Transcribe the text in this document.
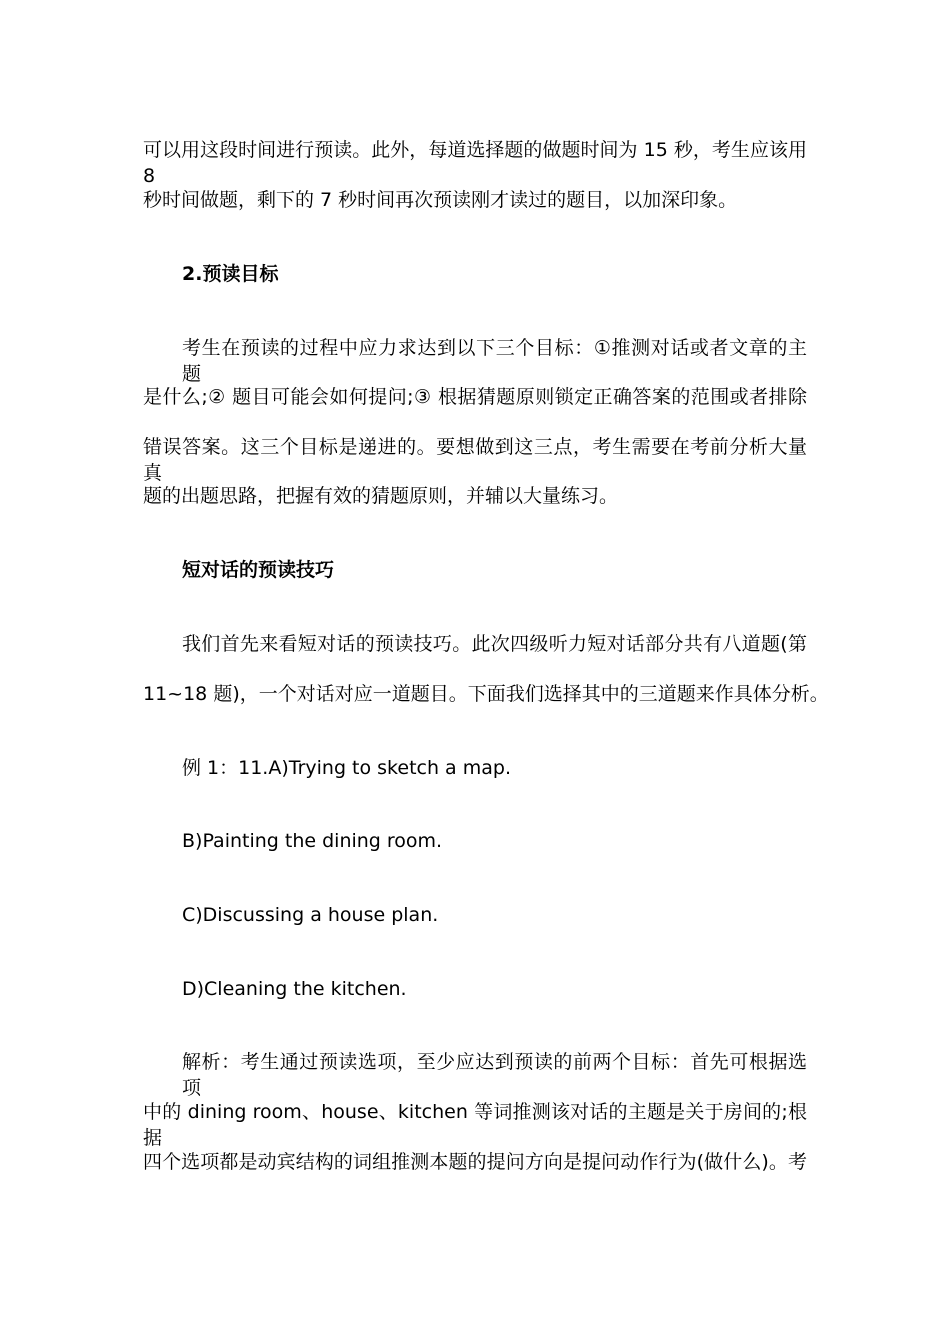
可以用这段时间进行预读。此外，每道选择题的做题时间为 15 秒，考生应该用 8
秒时间做题，剩下的 7 秒时间再次预读刚才读过的题目，以加深印象。
2.预读目标
考生在预读的过程中应力求达到以下三个目标：①推测对话或者文章的主题
是什么;② 题目可能会如何提问;③ 根据猜题原则锁定正确答案的范围或者排除
错误答案。这三个目标是递进的。要想做到这三点，考生需要在考前分析大量真
题的出题思路，把握有效的猜题原则，并辅以大量练习。
短对话的预读技巧
我们首先来看短对话的预读技巧。此次四级听力短对话部分共有八道题(第
11~18 题)，一个对话对应一道题目。下面我们选择其中的三道题来作具体分析。
例 1：11.A)Trying to sketch a map.
B)Painting the dining room.
C)Discussing a house plan.
D)Cleaning the kitchen.
解析：考生通过预读选项，至少应达到预读的前两个目标：首先可根据选项
中的 dining room、house、kitchen 等词推测该对话的主题是关于房间的;根据
四个选项都是动宾结构的词组推测本题的提问方向是提问动作行为(做什么)。考
